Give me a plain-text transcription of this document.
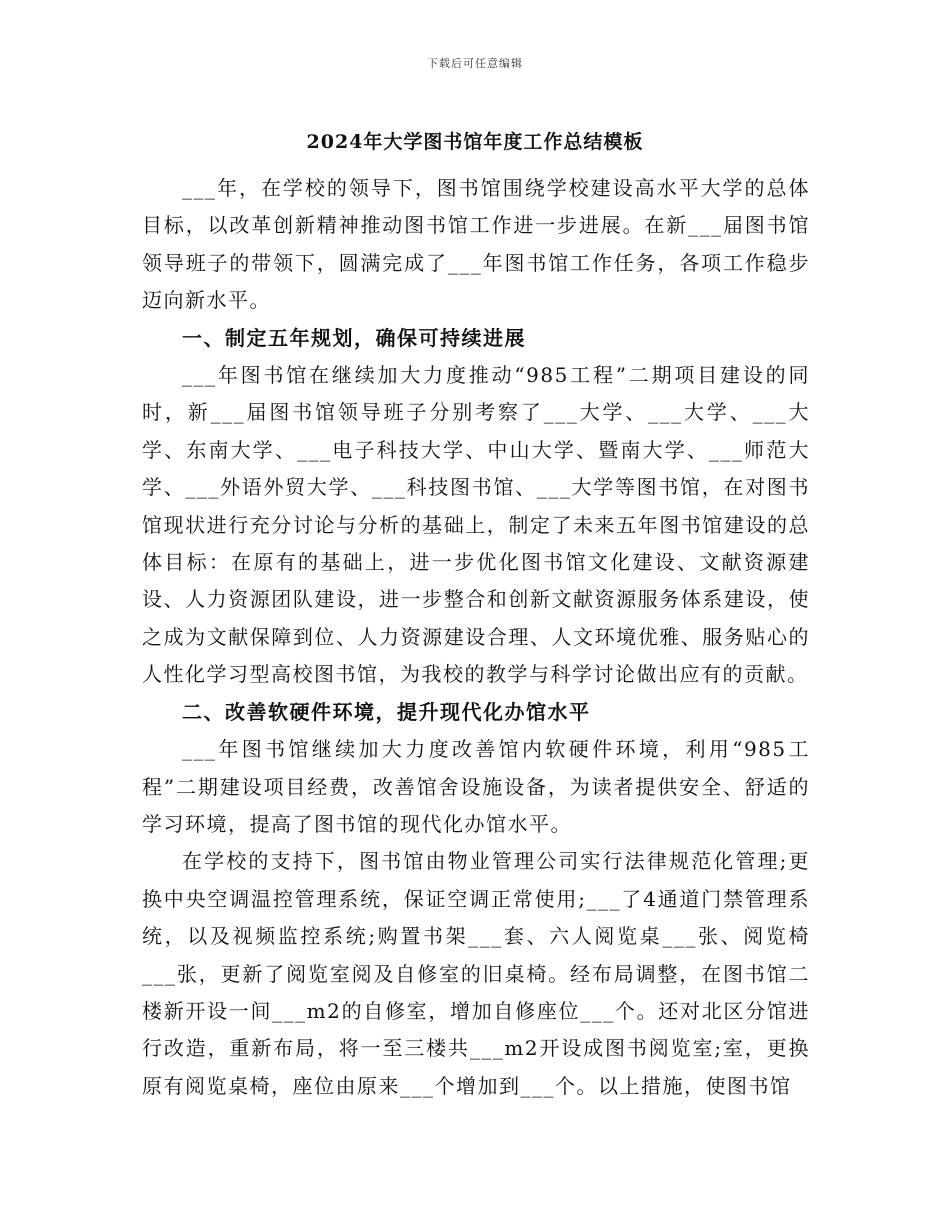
下载后可任意编辑
2024年大学图书馆年度工作总结模板

___年，在学校的领导下，图书馆围绕学校建设高水平大学的总体目标，以改革创新精神推动图书馆工作进一步进展。在新___届图书馆领导班子的带领下，圆满完成了___年图书馆工作任务，各项工作稳步迈向新水平。

一、制定五年规划，确保可持续进展

___年图书馆在继续加大力度推动“985工程”二期项目建设的同时，新___届图书馆领导班子分别考察了___大学、___大学、___大学、东南大学、___电子科技大学、中山大学、暨南大学、___师范大学、___外语外贸大学、___科技图书馆、___大学等图书馆，在对图书馆现状进行充分讨论与分析的基础上，制定了未来五年图书馆建设的总体目标：在原有的基础上，进一步优化图书馆文化建设、文献资源建设、人力资源团队建设，进一步整合和创新文献资源服务体系建设，使之成为文献保障到位、人力资源建设合理、人文环境优雅、服务贴心的人性化学习型高校图书馆，为我校的教学与科学讨论做出应有的贡献。

二、改善软硬件环境，提升现代化办馆水平

___年图书馆继续加大力度改善馆内软硬件环境，利用“985工程”二期建设项目经费，改善馆舍设施设备，为读者提供安全、舒适的学习环境，提高了图书馆的现代化办馆水平。

在学校的支持下，图书馆由物业管理公司实行法律规范化管理;更换中央空调温控管理系统，保证空调正常使用;___了4通道门禁管理系统，以及视频监控系统;购置书架___套、六人阅览桌___张、阅览椅___张，更新了阅览室阅及自修室的旧桌椅。经布局调整，在图书馆二楼新开设一间___m2的自修室，增加自修座位___个。还对北区分馆进行改造，重新布局，将一至三楼共___m2开设成图书阅览室;室，更换原有阅览桌椅，座位由原来___个增加到___个。以上措施，使图书馆
